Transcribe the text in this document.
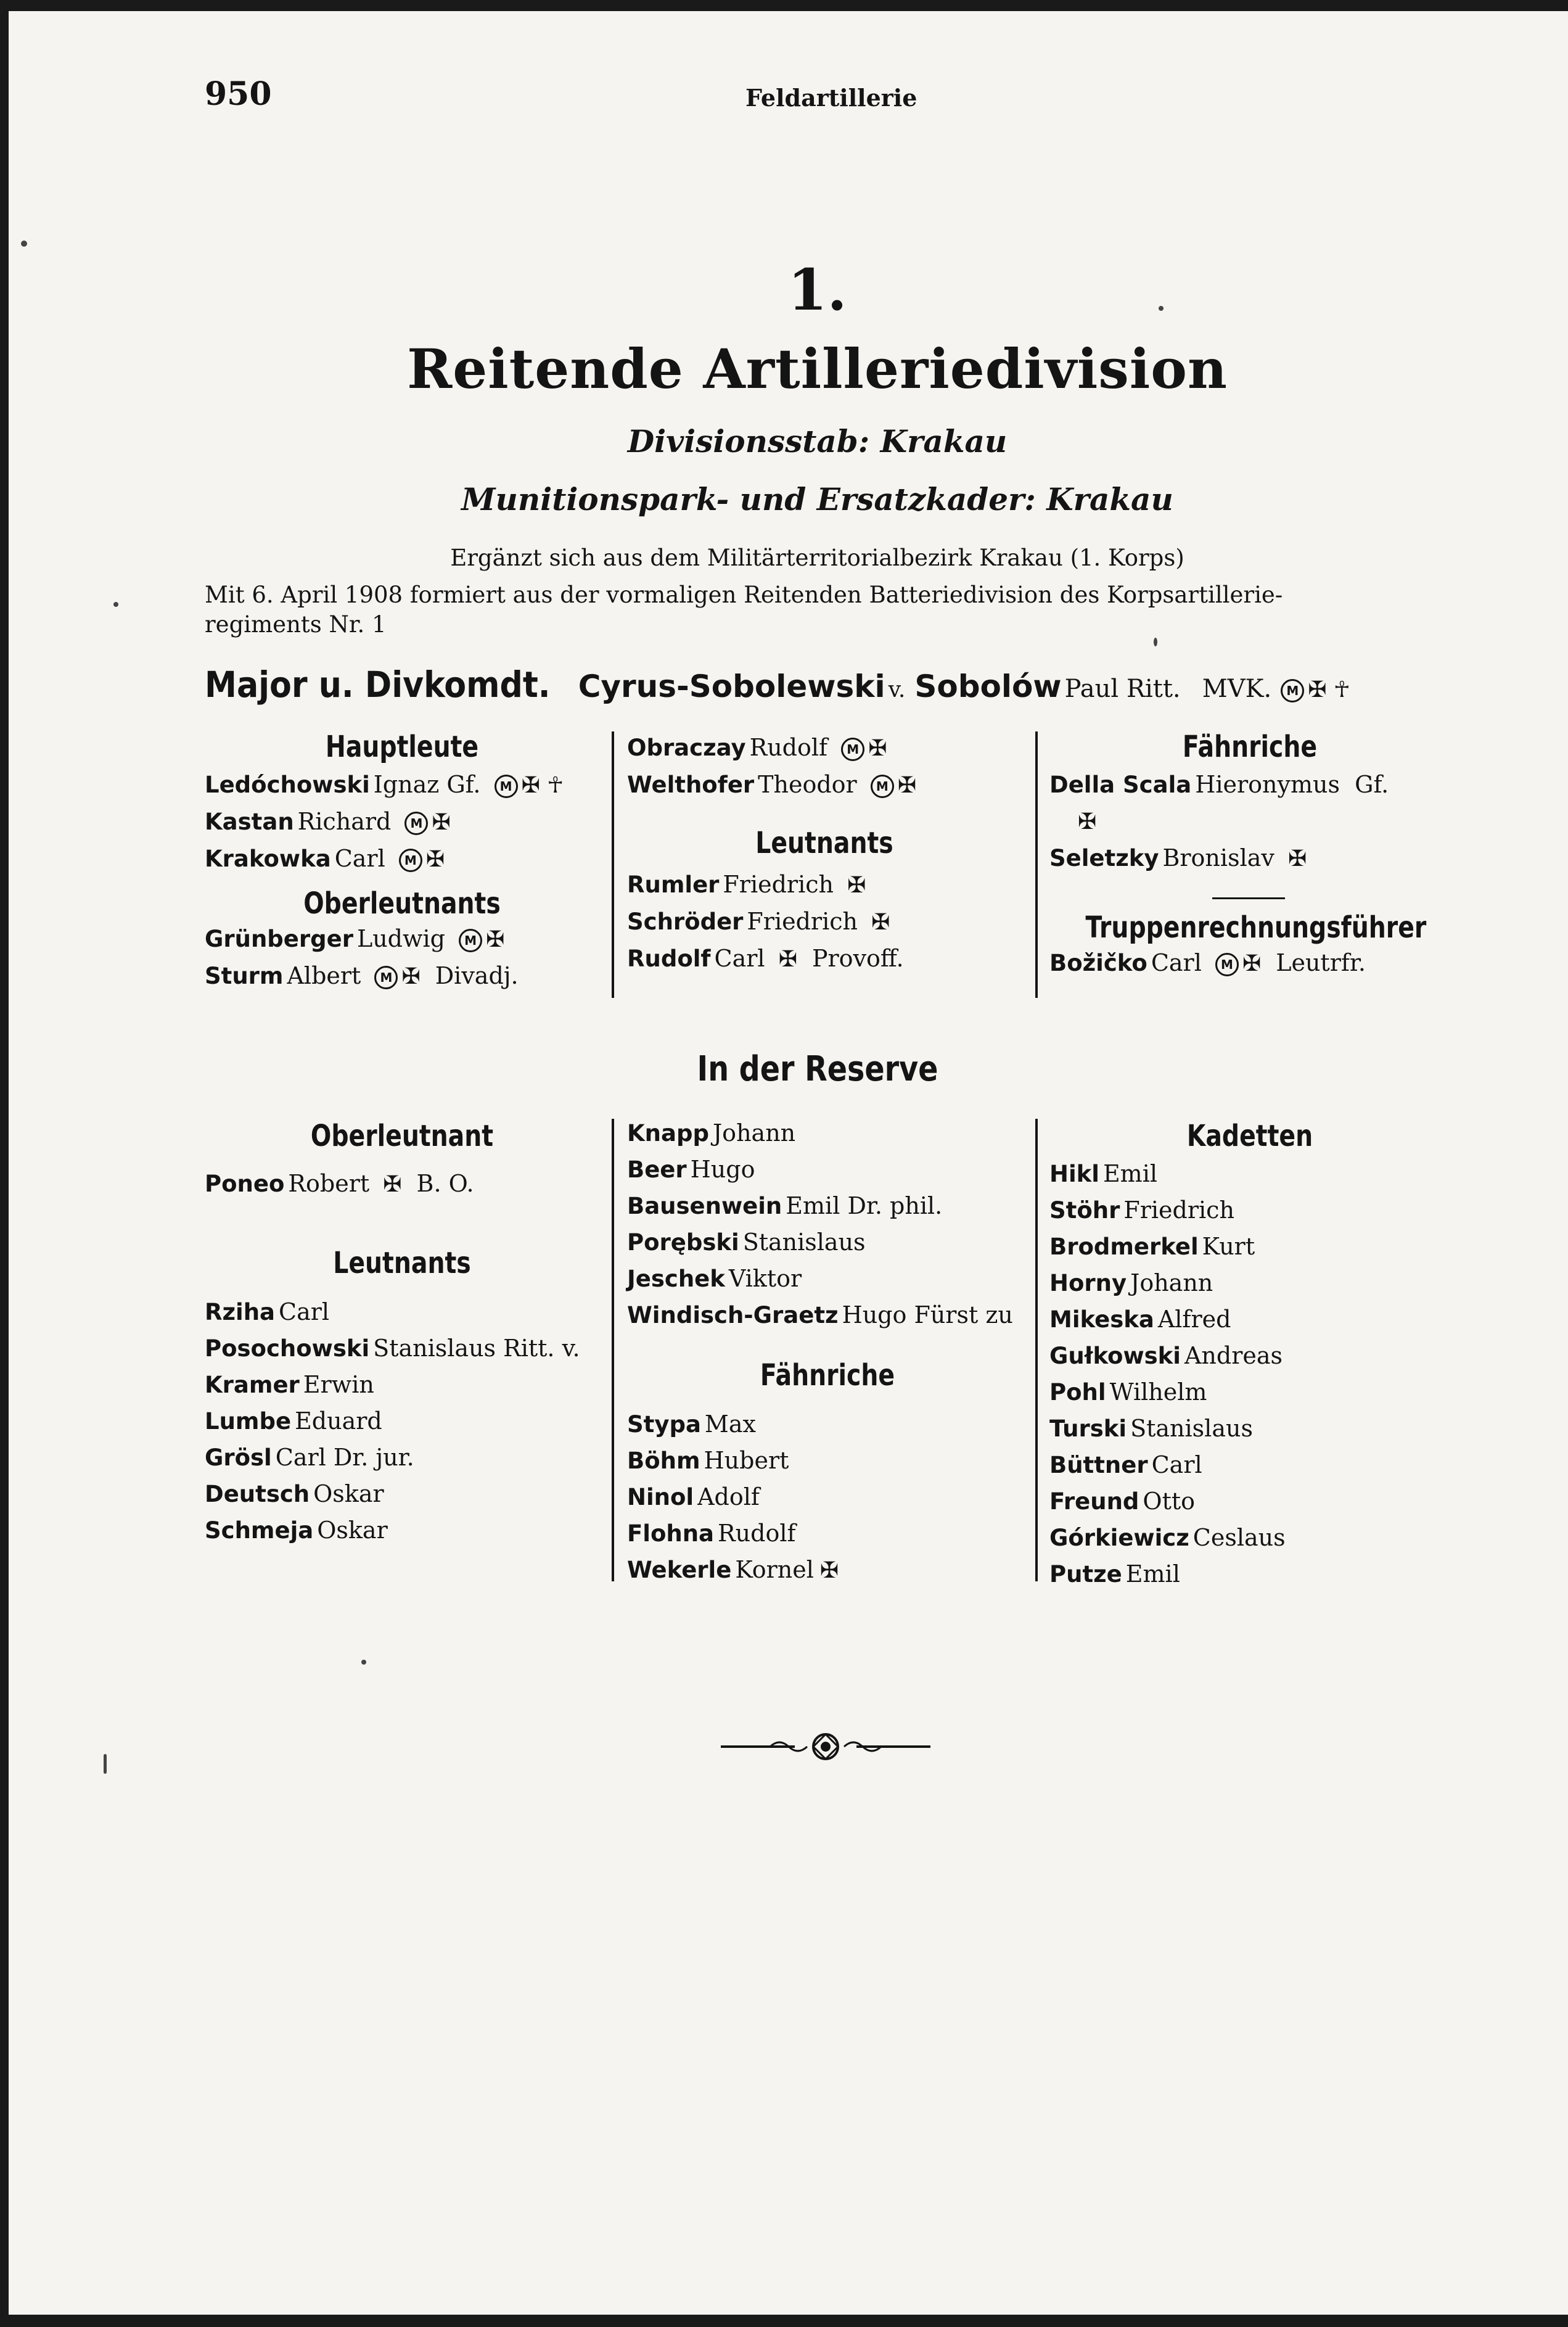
950	Feldartillerie
1.
Reitende Artilleriedivision
Divisionsstab: Krakau
Munitionspark- und Ersatzkader: Krakau
Ergänzt sich aus dem Militärterritorialbezirk Krakau (1. Korps)
Mit 6. April 1908 formiert aus der vormaligen Reitenden Batteriedivision des Korpsartillerie-
regiments Nr. 1
Major u. Divkomdt. Cyrus-Sobolewski v. Sobolów Paul Ritt. MVK. M ✠ ☥
Hauptleute
Ledóchowski Ignaz Gf. M ✠ ☥
Kastan Richard M ✠
Krakowka Carl M ✠
Oberleutnants
Grünberger Ludwig M ✠
Sturm Albert M ✠ Divadj.
Obraczay Rudolf M ✠
Welthofer Theodor M ✠
Leutnants
Rumler Friedrich ✠
Schröder Friedrich ✠
Rudolf Carl ✠ Provoff.
Fähnriche
Della Scala Hieronymus Gf.
✠
Seletzky Bronislav ✠
Truppenrechnungsführer
Božičko Carl M ✠ Leutrfr.
In der Reserve
Oberleutnant
Poneo Robert ✠ B. O.
Leutnants
Rziha Carl
Posochowski Stanislaus Ritt. v.
Kramer Erwin
Lumbe Eduard
Grösl Carl Dr. jur.
Deutsch Oskar
Schmeja Oskar
Knapp Johann
Beer Hugo
Bausenwein Emil Dr. phil.
Porębski Stanislaus
Jeschek Viktor
Windisch-Graetz Hugo Fürst zu
Fähnriche
Stypa Max
Böhm Hubert
Ninol Adolf
Flohna Rudolf
Wekerle Kornel ✠
Kadetten
Hikl Emil
Stöhr Friedrich
Brodmerkel Kurt
Horny Johann
Mikeska Alfred
Gułkowski Andreas
Pohl Wilhelm
Turski Stanislaus
Büttner Carl
Freund Otto
Górkiewicz Ceslaus
Putze Emil
